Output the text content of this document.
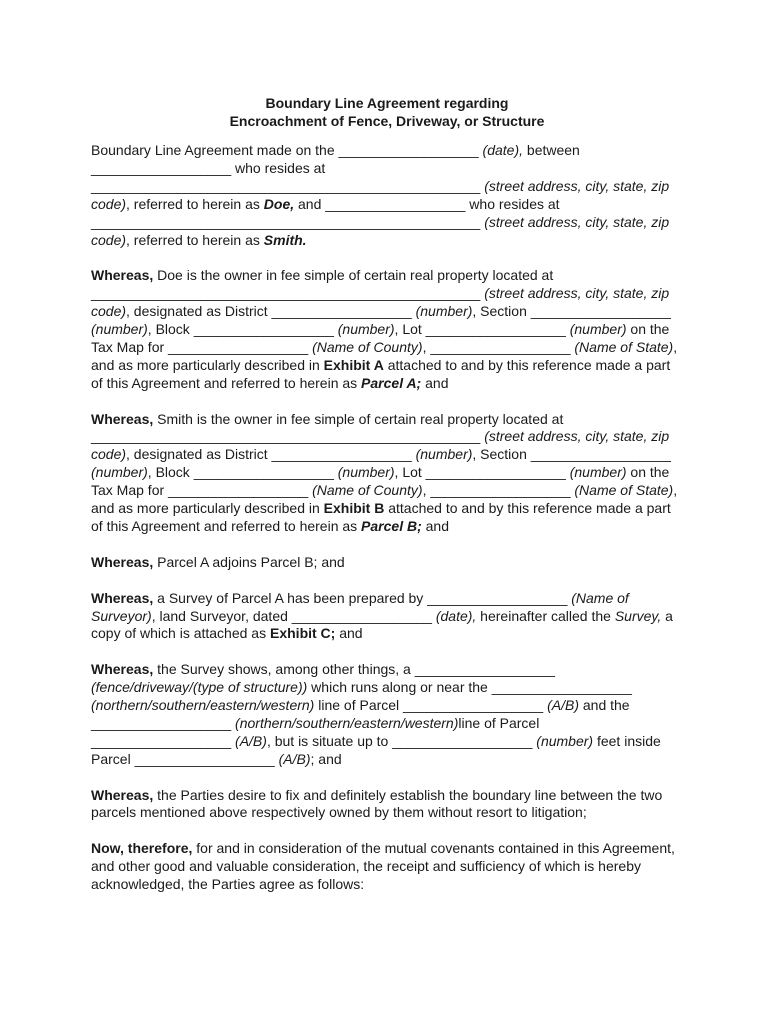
Boundary Line Agreement regarding
Encroachment of Fence, Driveway, or Structure

Boundary Line Agreement made on the __________________ (date), between __________________ who resides at __________________________________________________ (street address, city, state, zip code), referred to herein as Doe, and __________________ who resides at __________________________________________________ (street address, city, state, zip code), referred to herein as Smith.

Whereas, Doe is the owner in fee simple of certain real property located at __________________________________________________ (street address, city, state, zip code), designated as District __________________ (number), Section __________________ (number), Block __________________ (number), Lot __________________ (number) on the Tax Map for __________________ (Name of County), __________________ (Name of State), and as more particularly described in Exhibit A attached to and by this reference made a part of this Agreement and referred to herein as Parcel A; and

Whereas, Smith is the owner in fee simple of certain real property located at __________________________________________________ (street address, city, state, zip code), designated as District __________________ (number), Section __________________ (number), Block __________________ (number), Lot __________________ (number) on the Tax Map for __________________ (Name of County), __________________ (Name of State), and as more particularly described in Exhibit B attached to and by this reference made a part of this Agreement and referred to herein as Parcel B; and

Whereas, Parcel A adjoins Parcel B; and

Whereas, a Survey of Parcel A has been prepared by __________________ (Name of Surveyor), land Surveyor, dated __________________ (date), hereinafter called the Survey, a copy of which is attached as Exhibit C; and

Whereas, the Survey shows, among other things, a __________________ (fence/driveway/(type of structure)) which runs along or near the __________________ (northern/southern/eastern/western) line of Parcel __________________ (A/B) and the __________________ (northern/southern/eastern/western)line of Parcel __________________ (A/B), but is situate up to __________________ (number) feet inside Parcel __________________ (A/B); and

Whereas, the Parties desire to fix and definitely establish the boundary line between the two parcels mentioned above respectively owned by them without resort to litigation;

Now, therefore, for and in consideration of the mutual covenants contained in this Agreement, and other good and valuable consideration, the receipt and sufficiency of which is hereby acknowledged, the Parties agree as follows:
